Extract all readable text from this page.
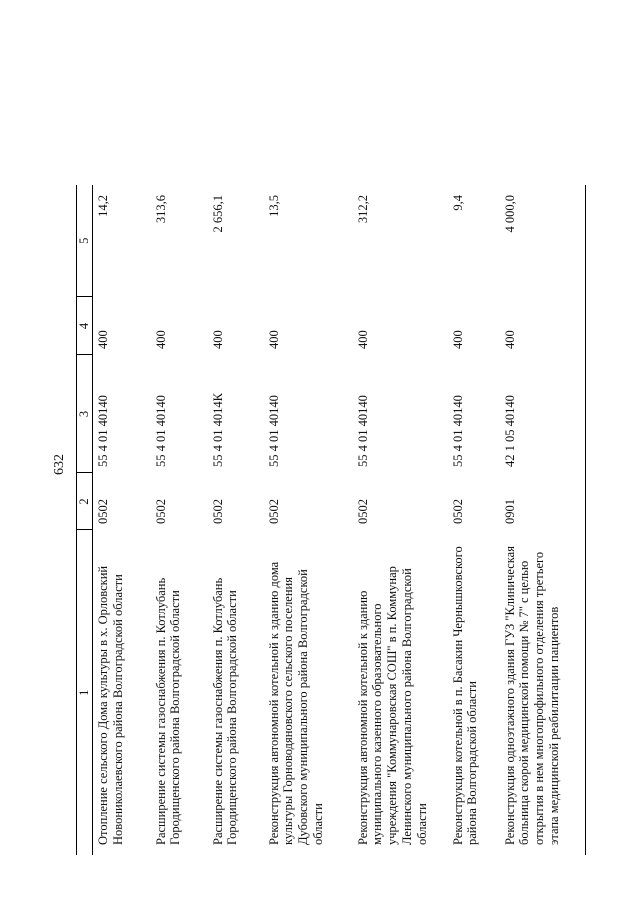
632

1	2	3	4	5
Отопление сельского Дома культуры в х. Орловский Новониколаевского района Волгоградской области	0502	55 4 01 40140	400	14,2
Расширение системы газоснабжения п. Котлубань Городищенского района Волгоградской области	0502	55 4 01 40140	400	313,6
Расширение системы газоснабжения п. Котлубань Городищенского района Волгоградской области	0502	55 4 01 4014К	400	2 656,1
Реконструкция автономной котельной к зданию дома культуры Горноводяновского сельского поселения Дубовского муниципального района Волгоградской области	0502	55 4 01 40140	400	13,5
Реконструкция автономной котельной к зданию муниципального казенного образовательного учреждения "Коммунаровская СОШ" в п. Коммунар Ленинского муниципального района Волгоградской области	0502	55 4 01 40140	400	312,2
Реконструкция котельной в п. Басакин Чернышковского района Волгоградской области	0502	55 4 01 40140	400	9,4
Реконструкция одноэтажного здания ГУЗ "Клиническая больница скорой медицинской помощи № 7" с целью открытия в нем многопрофильного отделения третьего этапа медицинской реабилитации пациентов	0901	42 1 05 40140	400	4 000,0
